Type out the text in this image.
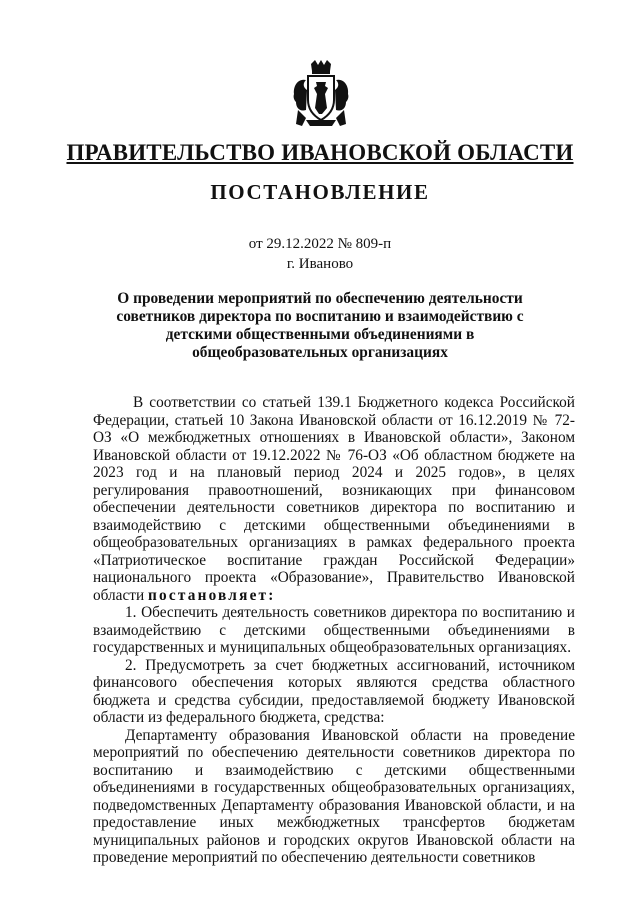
ПРАВИТЕЛЬСТВО ИВАНОВСКОЙ ОБЛАСТИ
ПОСТАНОВЛЕНИЕ
от 29.12.2022 № 809-п
г. Иваново
О проведении мероприятий по обеспечению деятельности советников директора по воспитанию и взаимодействию с детскими общественными объединениями в общеобразовательных организациях

В соответствии со статьей 139.1 Бюджетного кодекса Российской Федерации, статьей 10 Закона Ивановской области от 16.12.2019 № 72-ОЗ «О межбюджетных отношениях в Ивановской области», Законом Ивановской области от 19.12.2022 № 76-ОЗ «Об областном бюджете на 2023 год и на плановый период 2024 и 2025 годов», в целях регулирования правоотношений, возникающих при финансовом обеспечении деятельности советников директора по воспитанию и взаимодействию с детскими общественными объединениями в общеобразовательных организациях в рамках федерального проекта «Патриотическое воспитание граждан Российской Федерации» национального проекта «Образование», Правительство Ивановской области постановляет:

1. Обеспечить деятельность советников директора по воспитанию и взаимодействию с детскими общественными объединениями в государственных и муниципальных общеобразовательных организациях.

2. Предусмотреть за счет бюджетных ассигнований, источником финансового обеспечения которых являются средства областного бюджета и средства субсидии, предоставляемой бюджету Ивановской области из федерального бюджета, средства:

Департаменту образования Ивановской области на проведение мероприятий по обеспечению деятельности советников директора по воспитанию и взаимодействию с детскими общественными объединениями в государственных общеобразовательных организациях, подведомственных Департаменту образования Ивановской области, и на предоставление иных межбюджетных трансфертов бюджетам муниципальных районов и городских округов Ивановской области на проведение мероприятий по обеспечению деятельности советников
